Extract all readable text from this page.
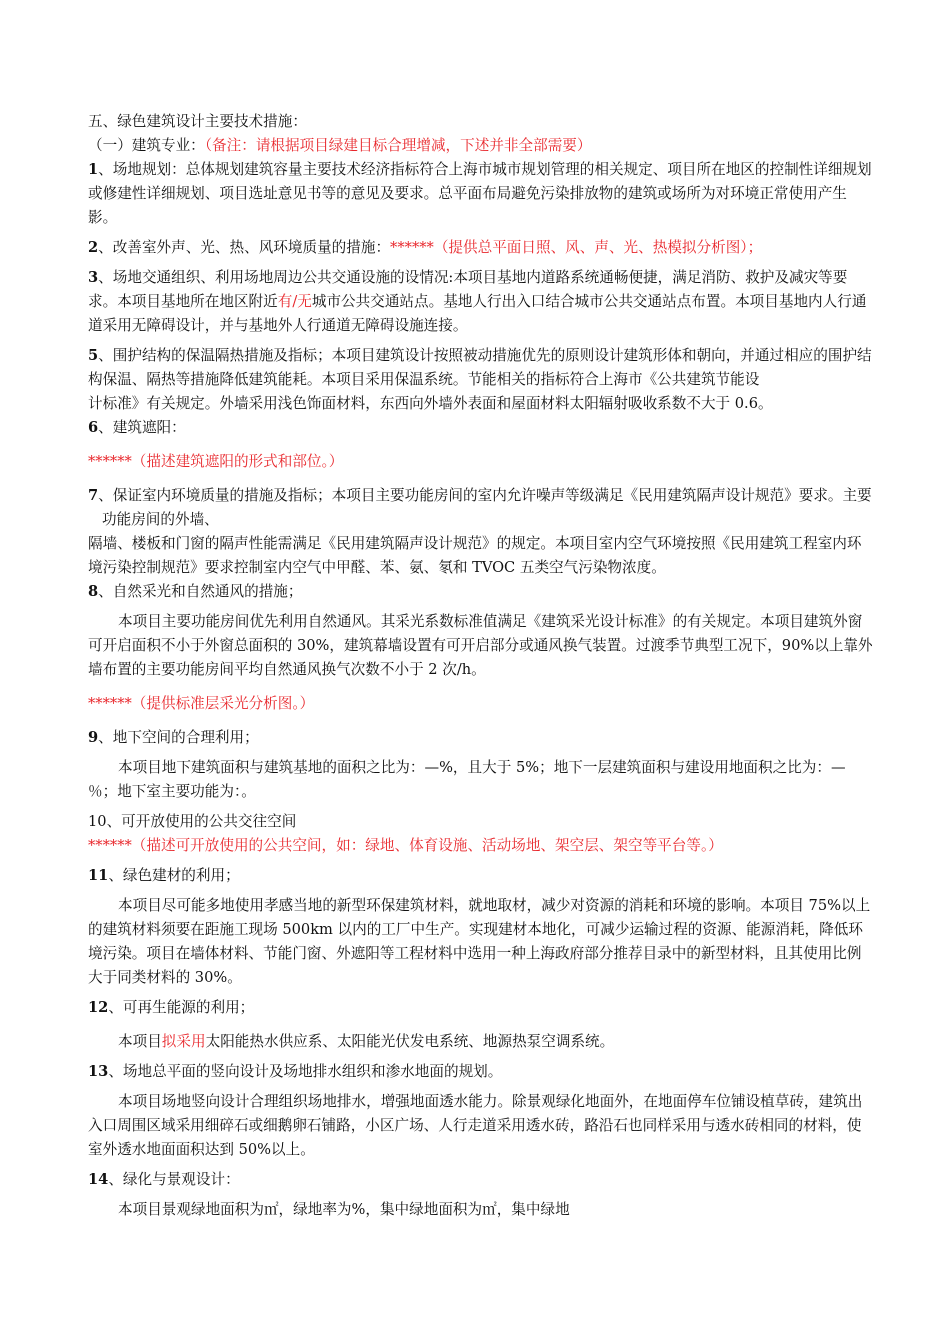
五、绿色建筑设计主要技术措施：

（一）建筑专业：（备注：请根据项目绿建目标合理增减，下述并非全部需要）

1、场地规划：总体规划建筑容量主要技术经济指标符合上海市城市规划管理的相关规定、项目所在地区的控制性详细规划或修建性详细规划、项目选址意见书等的意见及要求。总平面布局避免污染排放物的建筑或场所为对环境正常使用产生影。

2、改善室外声、光、热、风环境质量的措施：******（提供总平面日照、风、声、光、热模拟分析图）；

3、场地交通组织、利用场地周边公共交通设施的设情况:本项目基地内道路系统通畅便捷，满足消防、救护及减灾等要求。本项目基地所在地区附近有/无城市公共交通站点。基地人行出入口结合城市公共交通站点布置。本项目基地内人行通道采用无障碍设计，并与基地外人行通道无障碍设施连接。

5、围护结构的保温隔热措施及指标；本项目建筑设计按照被动措施优先的原则设计建筑形体和朝向，并通过相应的围护结构保温、隔热等措施降低建筑能耗。本项目采用保温系统。节能相关的指标符合上海市《公共建筑节能设

计标准》有关规定。外墙采用浅色饰面材料，东西向外墙外表面和屋面材料太阳辐射吸收系数不大于 0.6。

6、建筑遮阳：

******（描述建筑遮阳的形式和部位。）

7、保证室内环境质量的措施及指标；本项目主要功能房间的室内允许噪声等级满足《民用建筑隔声设计规范》要求。主要功能房间的外墙、

隔墙、楼板和门窗的隔声性能需满足《民用建筑隔声设计规范》的规定。本项目室内空气环境按照《民用建筑工程室内环境污染控制规范》要求控制室内空气中甲醛、苯、氨、氡和 TVOC 五类空气污染物浓度。

8、自然采光和自然通风的措施；

本项目主要功能房间优先利用自然通风。其采光系数标准值满足《建筑采光设计标准》的有关规定。本项目建筑外窗可开启面积不小于外窗总面积的 30%，建筑幕墙设置有可开启部分或通风换气装置。过渡季节典型工况下，90%以上靠外墙布置的主要功能房间平均自然通风换气次数不小于 2 次/h。

******（提供标准层采光分析图。）

9、地下空间的合理利用；

本项目地下建筑面积与建筑基地的面积之比为：—%，且大于 5%；地下一层建筑面积与建设用地面积之比为：—％；地下室主要功能为：。

10、可开放使用的公共交往空间

******（描述可开放使用的公共空间，如：绿地、体育设施、活动场地、架空层、架空等平台等。）

11、绿色建材的利用；

本项目尽可能多地使用孝感当地的新型环保建筑材料，就地取材，减少对资源的消耗和环境的影响。本项目 75%以上的建筑材料须要在距施工现场 500km 以内的工厂中生产。实现建材本地化，可减少运输过程的资源、能源消耗，降低环境污染。项目在墙体材料、节能门窗、外遮阳等工程材料中选用一种上海政府部分推荐目录中的新型材料，且其使用比例大于同类材料的 30%。

12、可再生能源的利用；

本项目拟采用太阳能热水供应系、太阳能光伏发电系统、地源热泵空调系统。

13、场地总平面的竖向设计及场地排水组织和渗水地面的规划。

本项目场地竖向设计合理组织场地排水，增强地面透水能力。除景观绿化地面外，在地面停车位铺设植草砖，建筑出入口周围区域采用细碎石或细鹅卵石铺路，小区广场、人行走道采用透水砖，路沿石也同样采用与透水砖相同的材料，使室外透水地面面积达到 50%以上。

14、绿化与景观设计：

本项目景观绿地面积为㎡，绿地率为%，集中绿地面积为㎡，集中绿地
